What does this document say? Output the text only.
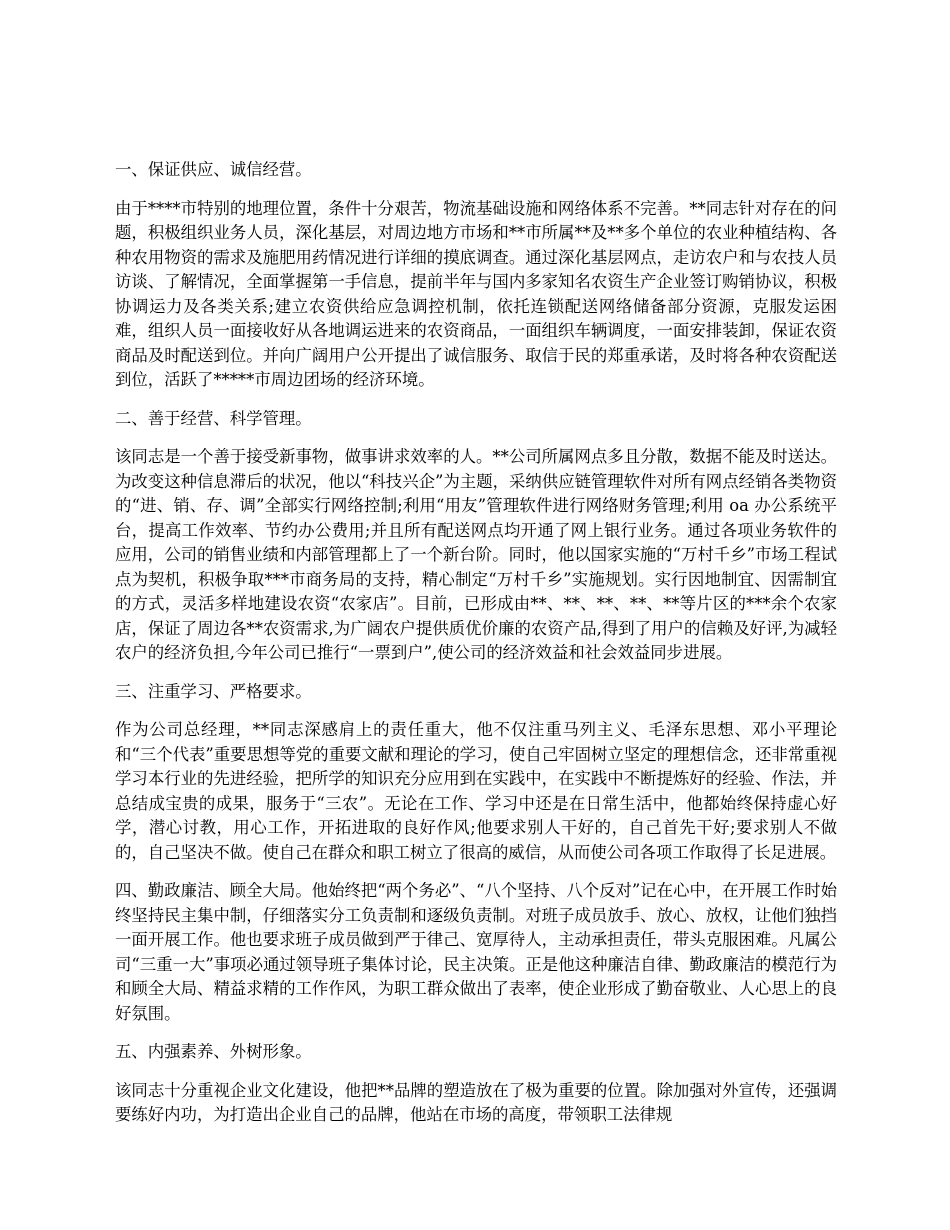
一、保证供应、诚信经营。
由于****市特别的地理位置，条件十分艰苦，物流基础设施和网络体系不完善。**同志针对存在的问题，积极组织业务人员，深化基层，对周边地方市场和**市所属**及**多个单位的农业种植结构、各种农用物资的需求及施肥用药情况进行详细的摸底调查。通过深化基层网点，走访农户和与农技人员访谈、了解情况，全面掌握第一手信息，提前半年与国内多家知名农资生产企业签订购销协议，积极协调运力及各类关系;建立农资供给应急调控机制，依托连锁配送网络储备部分资源，克服发运困难，组织人员一面接收好从各地调运进来的农资商品，一面组织车辆调度，一面安排装卸，保证农资商品及时配送到位。并向广阔用户公开提出了诚信服务、取信于民的郑重承诺，及时将各种农资配送到位，活跃了*****市周边团场的经济环境。
二、善于经营、科学管理。
该同志是一个善于接受新事物，做事讲求效率的人。**公司所属网点多且分散，数据不能及时送达。为改变这种信息滞后的状况，他以“科技兴企”为主题，采纳供应链管理软件对所有网点经销各类物资的“进、销、存、调”全部实行网络控制;利用“用友”管理软件进行网络财务管理;利用 oa 办公系统平台，提高工作效率、节约办公费用;并且所有配送网点均开通了网上银行业务。通过各项业务软件的应用，公司的销售业绩和内部管理都上了一个新台阶。同时，他以国家实施的“万村千乡”市场工程试点为契机，积极争取***市商务局的支持，精心制定“万村千乡”实施规划。实行因地制宜、因需制宜的方式，灵活多样地建设农资“农家店”。目前，已形成由**、**、**、**、**等片区的***余个农家店，保证了周边各**农资需求,为广阔农户提供质优价廉的农资产品,得到了用户的信赖及好评,为减轻农户的经济负担,今年公司已推行“一票到户”,使公司的经济效益和社会效益同步进展。
三、注重学习、严格要求。
作为公司总经理，**同志深感肩上的责任重大，他不仅注重马列主义、毛泽东思想、邓小平理论和“三个代表”重要思想等党的重要文献和理论的学习，使自己牢固树立坚定的理想信念，还非常重视学习本行业的先进经验，把所学的知识充分应用到在实践中，在实践中不断提炼好的经验、作法，并总结成宝贵的成果，服务于“三农”。无论在工作、学习中还是在日常生活中，他都始终保持虚心好学，潜心讨教，用心工作，开拓进取的良好作风;他要求别人干好的，自己首先干好;要求别人不做的，自己坚决不做。使自己在群众和职工树立了很高的威信，从而使公司各项工作取得了长足进展。
四、勤政廉洁、顾全大局。他始终把“两个务必”、“八个坚持、八个反对”记在心中，在开展工作时始终坚持民主集中制，仔细落实分工负责制和逐级负责制。对班子成员放手、放心、放权，让他们独挡一面开展工作。他也要求班子成员做到严于律己、宽厚待人，主动承担责任，带头克服困难。凡属公司“三重一大”事项必通过领导班子集体讨论，民主决策。正是他这种廉洁自律、勤政廉洁的模范行为和顾全大局、精益求精的工作作风，为职工群众做出了表率，使企业形成了勤奋敬业、人心思上的良好氛围。
五、内强素养、外树形象。
该同志十分重视企业文化建设，他把**品牌的塑造放在了极为重要的位置。除加强对外宣传，还强调要练好内功，为打造出企业自己的品牌，他站在市场的高度，带领职工法律规
